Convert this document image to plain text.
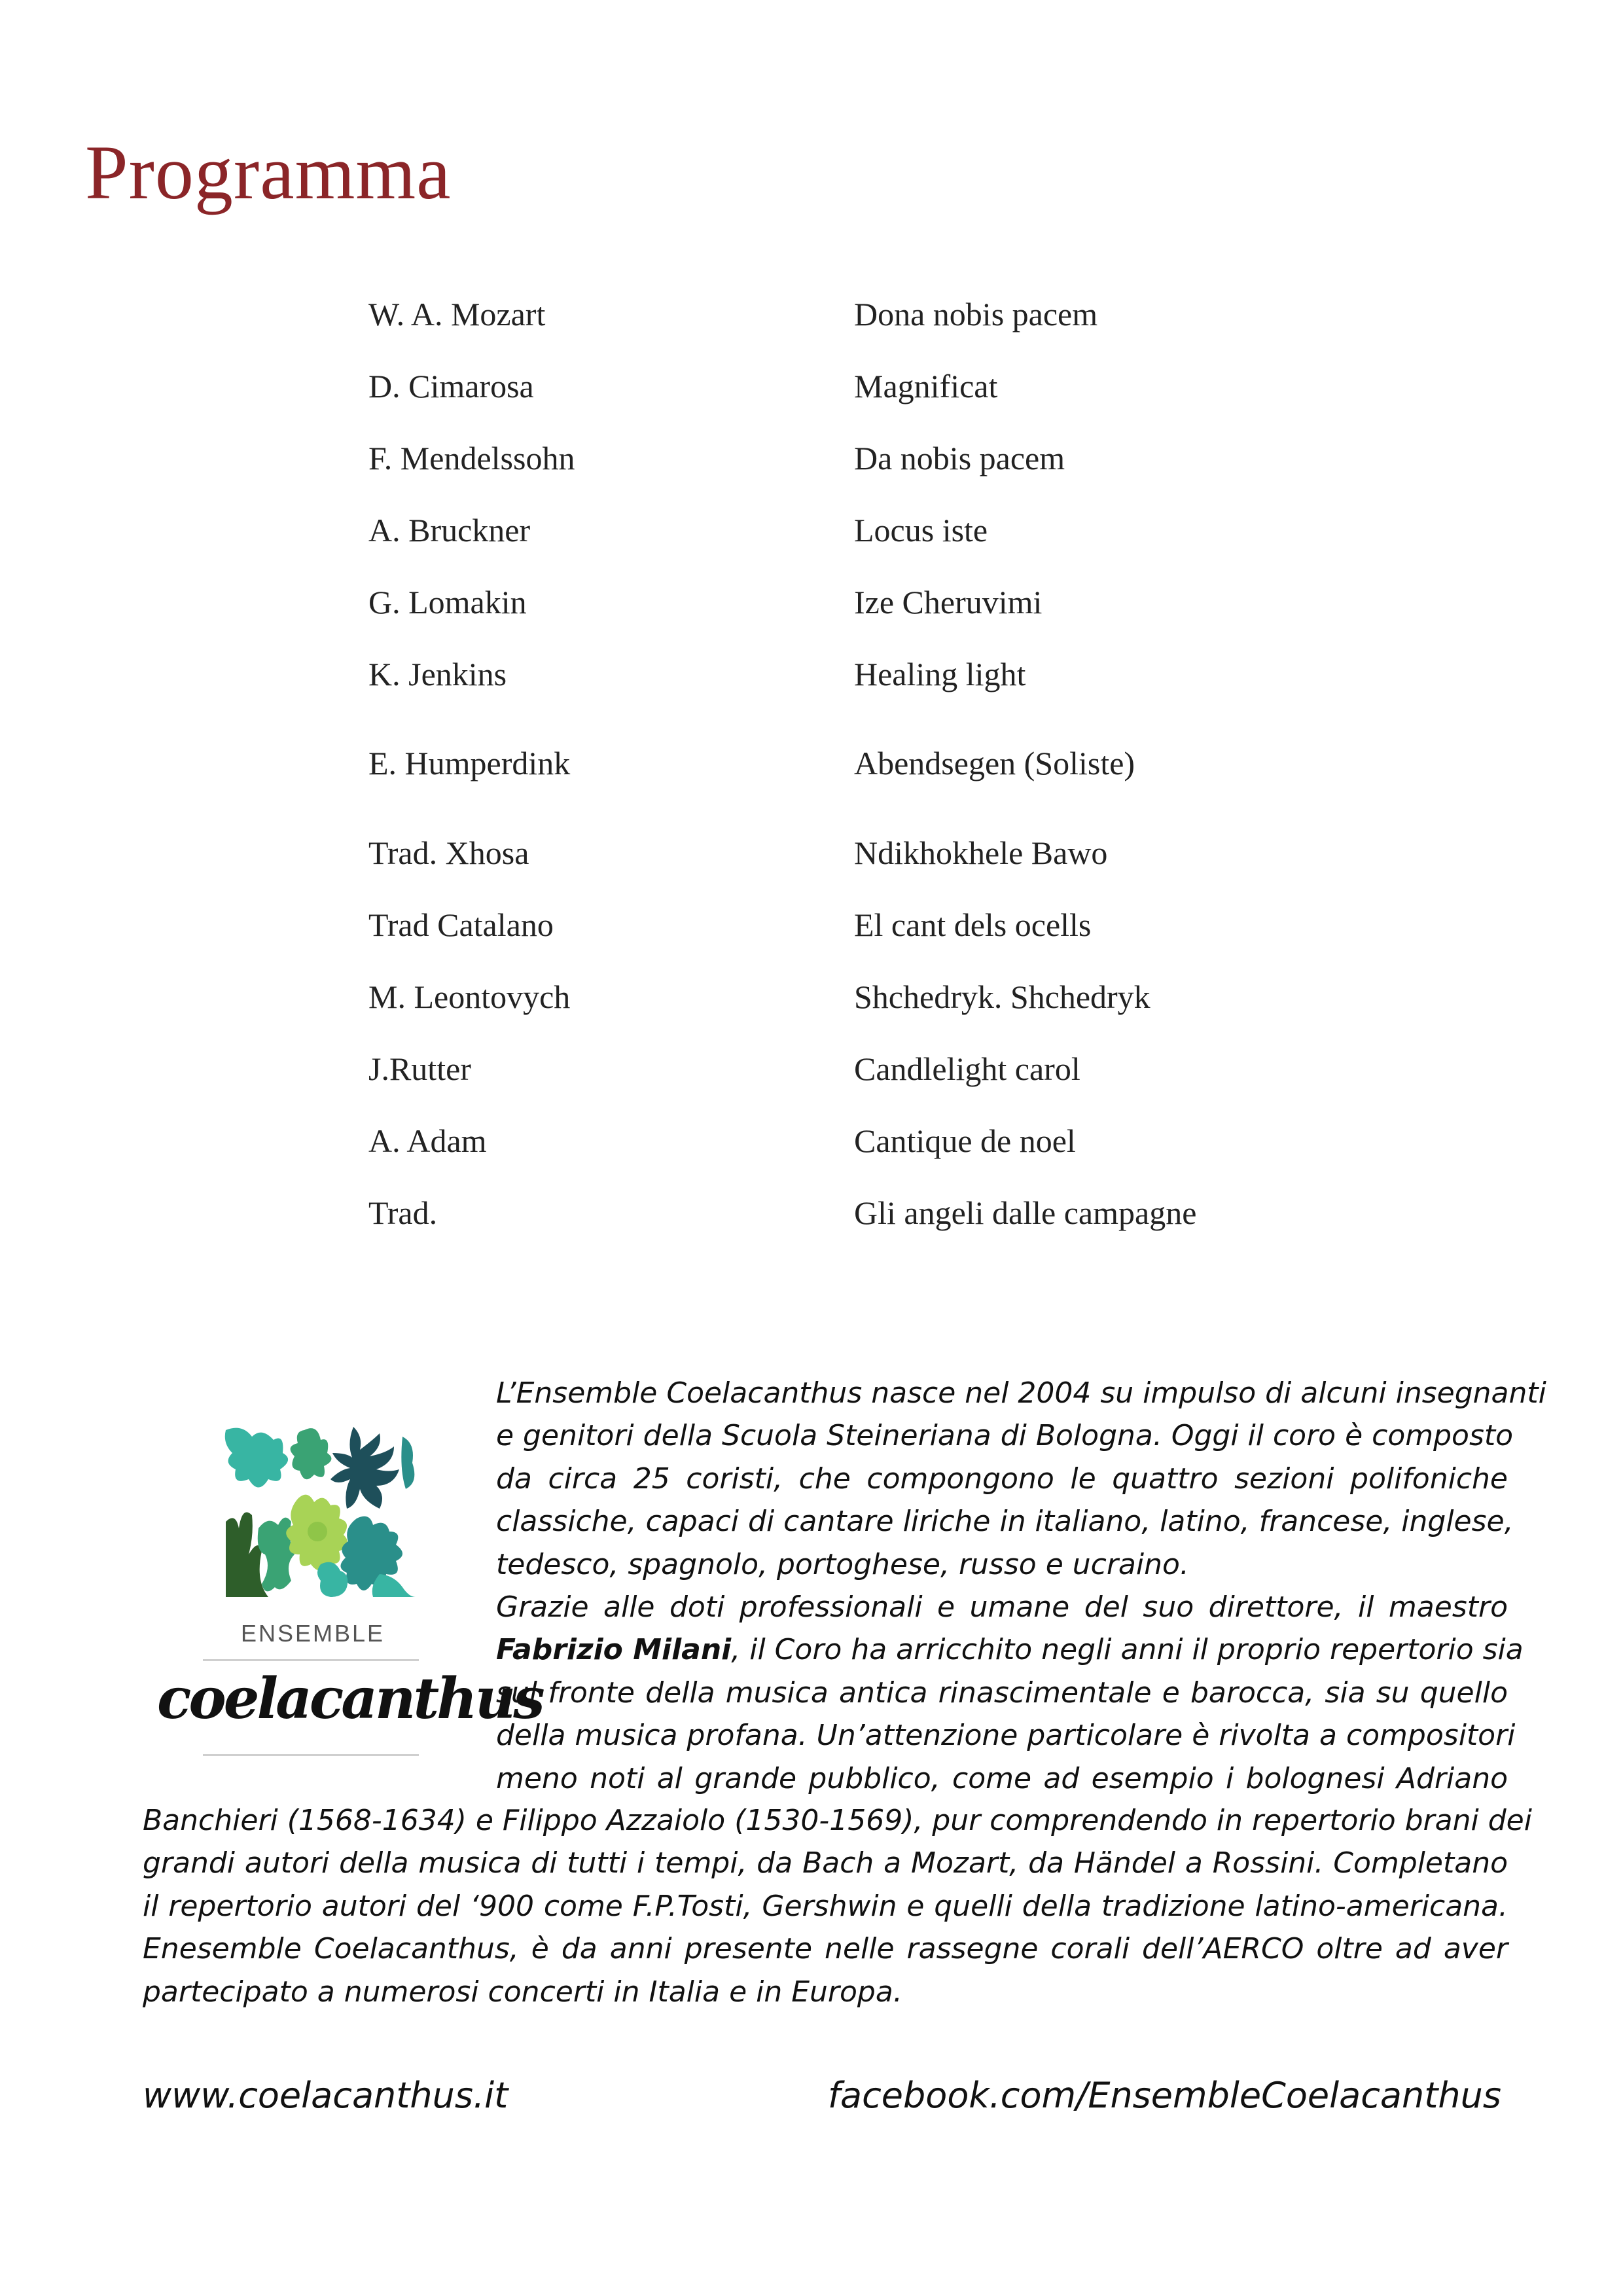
Programma
W. A. Mozart	Dona nobis pacem
D. Cimarosa	Magnificat
F. Mendelssohn	Da nobis pacem
A. Bruckner	Locus iste
G. Lomakin	Ize Cheruvimi
K. Jenkins	Healing light
E. Humperdink	Abendsegen (Soliste)
Trad. Xhosa	Ndikhokhele Bawo
Trad Catalano	El cant dels ocells
M. Leontovych	Shchedryk. Shchedryk
J.Rutter	Candlelight carol
A. Adam	Cantique de noel
Trad.	Gli angeli dalle campagne
ENSEMBLE
coelacanthus

L’Ensemble Coelacanthus nasce nel 2004 su impulso di alcuni insegnanti

e genitori della Scuola Steineriana di Bologna. Oggi il coro è composto

da circa 25 coristi, che compongono le quattro sezioni polifoniche

classiche, capaci di cantare liriche in italiano, latino, francese, inglese,

tedesco, spagnolo, portoghese, russo e ucraino.

Grazie alle doti professionali e umane del suo direttore, il maestro

Fabrizio Milani, il Coro ha arricchito negli anni il proprio repertorio sia

sul fronte della musica antica rinascimentale e barocca, sia su quello

della musica profana. Un’attenzione particolare è rivolta a compositori

meno noti al grande pubblico, come ad esempio i bolognesi Adriano

Banchieri (1568-1634) e Filippo Azzaiolo (1530-1569), pur comprendendo in repertorio brani dei

grandi autori della musica di tutti i tempi, da Bach a Mozart, da Händel a Rossini. Completano

il repertorio autori del ‘900 come F.P.Tosti, Gershwin e quelli della tradizione latino-americana.

Enesemble Coelacanthus, è da anni presente nelle rassegne corali dell’AERCO oltre ad aver

partecipato a numerosi concerti in Italia e in Europa.

www.coelacanthus.it	facebook.com/EnsembleCoelacanthus
